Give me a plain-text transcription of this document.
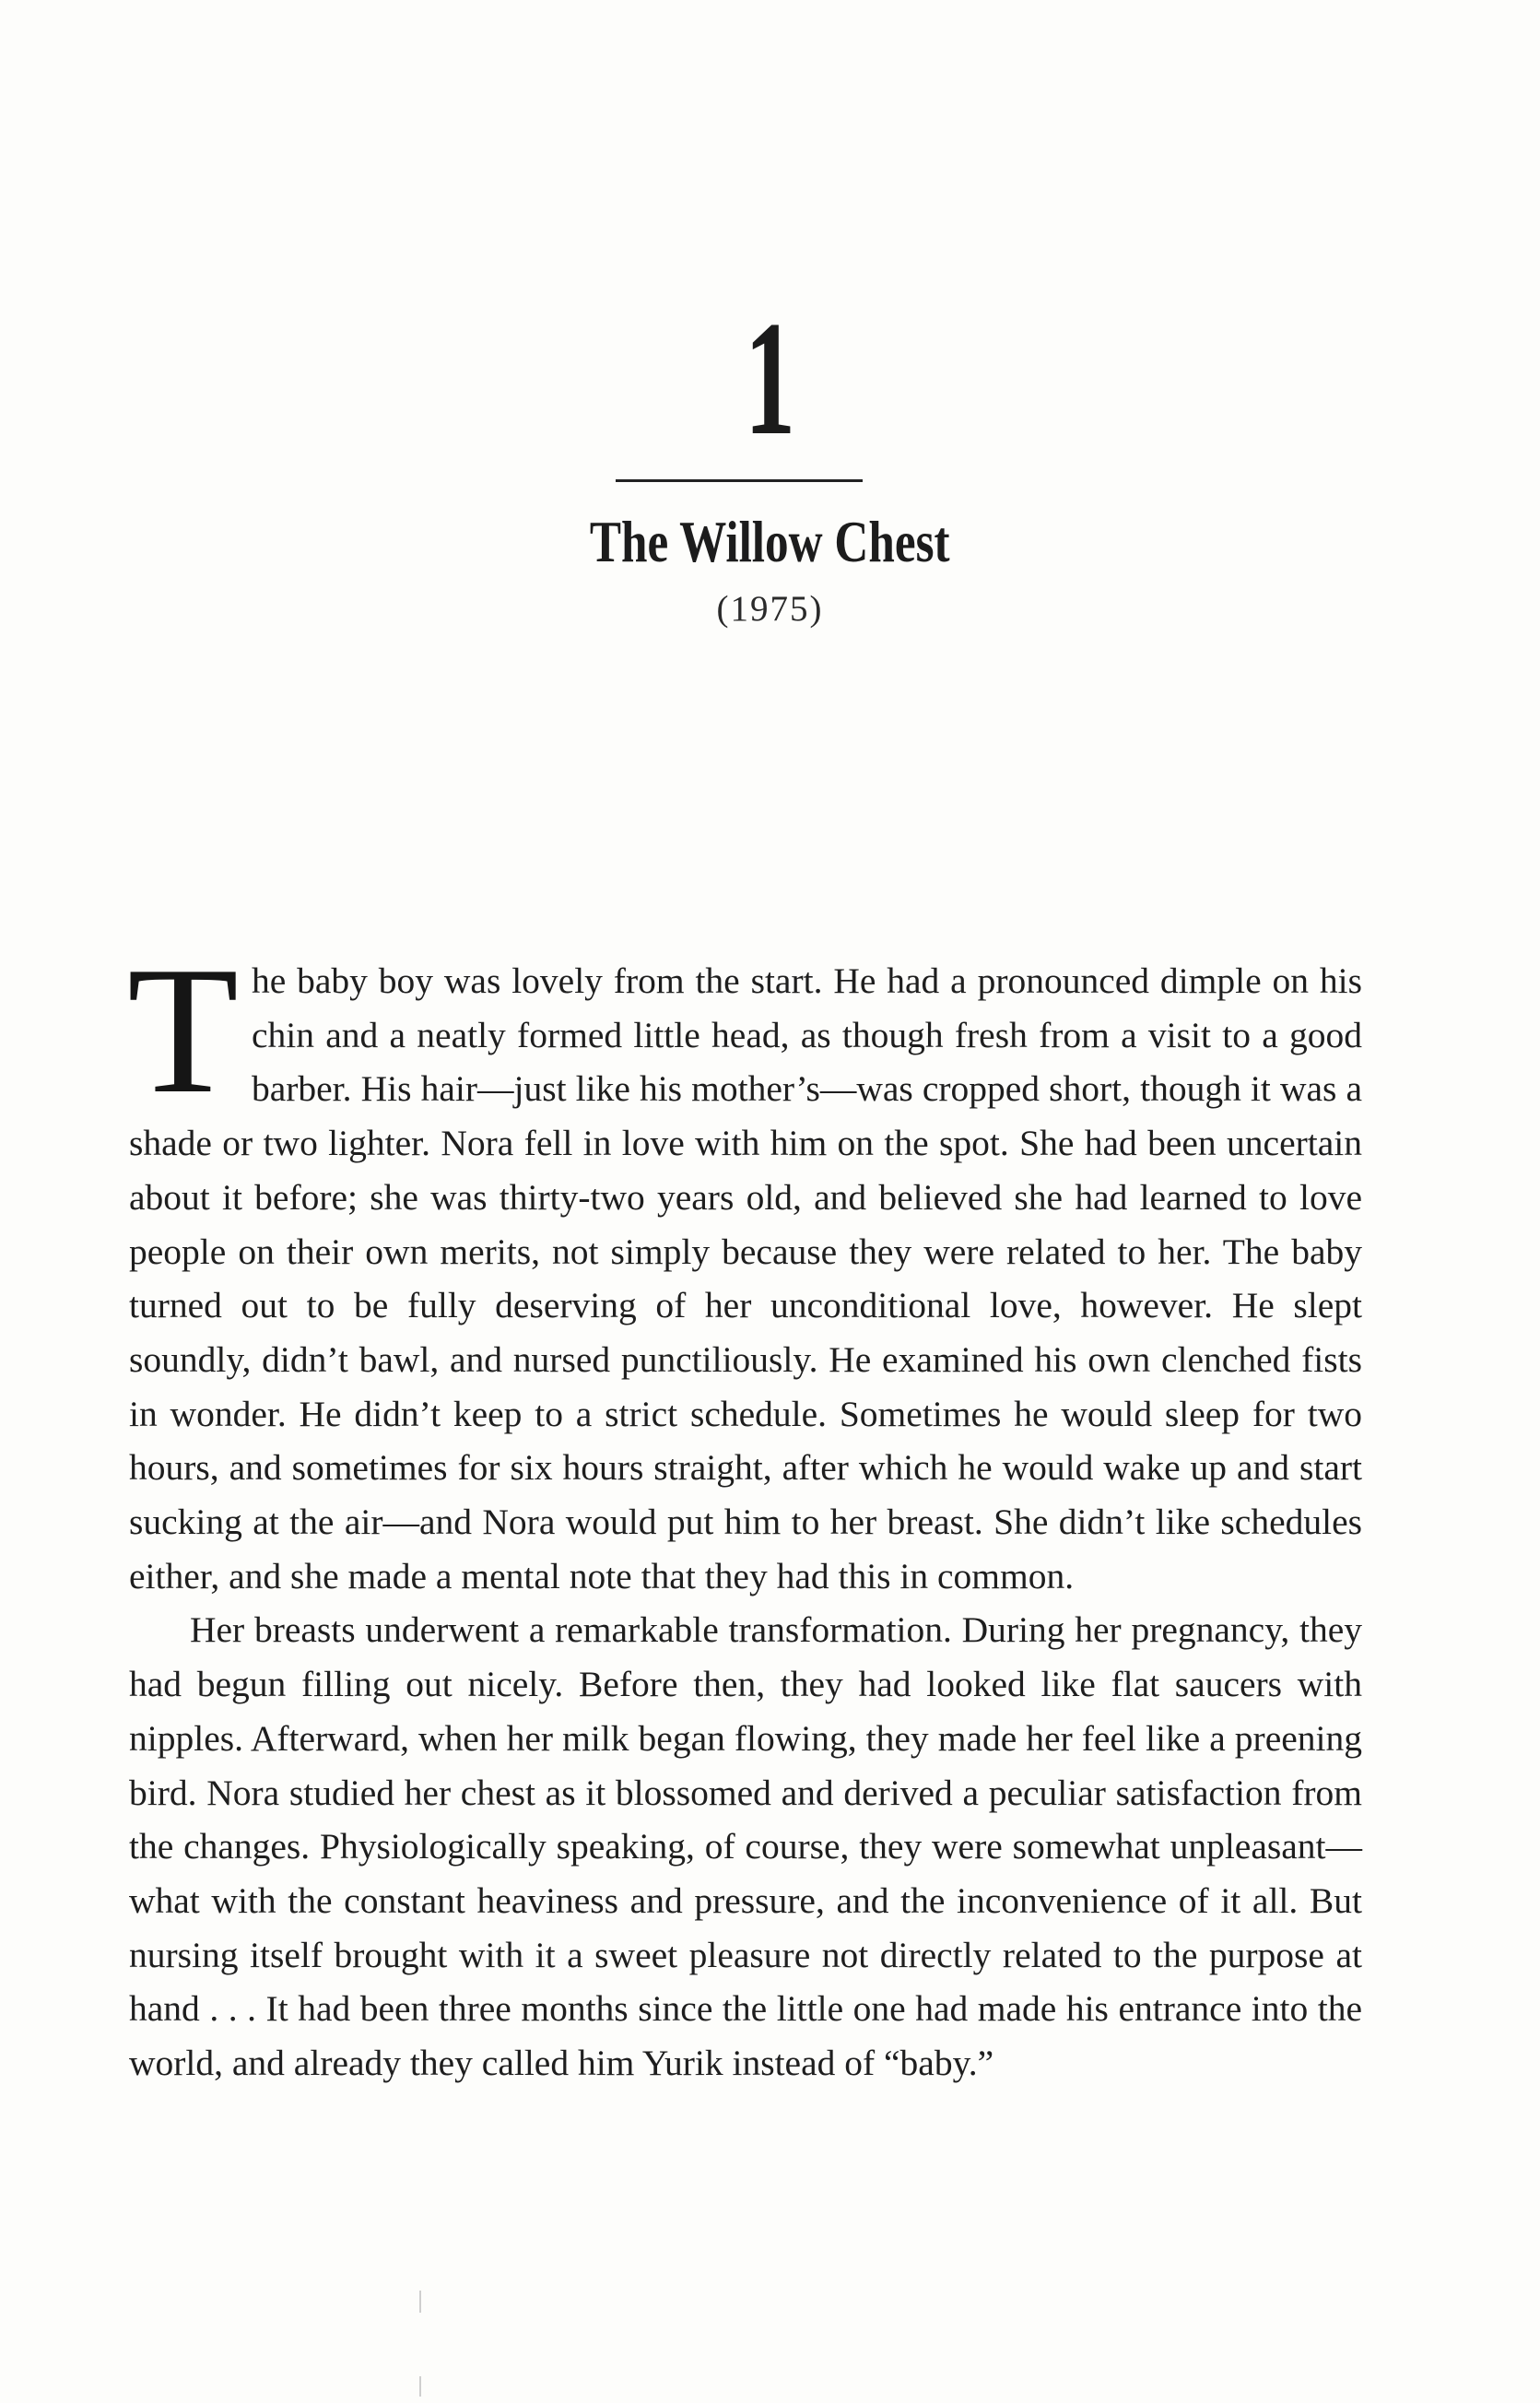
1
The Willow Chest
(1975)

The baby boy was lovely from the start. He had a pronounced dimple on his chin and a neatly formed little head, as though fresh from a visit to a good barber. His hair—just like his mother’s—was cropped short, though it was a shade or two lighter. Nora fell in love with him on the spot. She had been uncertain about it before; she was thirty-two years old, and believed she had learned to love people on their own merits, not simply because they were related to her. The baby turned out to be fully deserving of her unconditional love, however. He slept soundly, didn’t bawl, and nursed punctiliously. He examined his own clenched fists in wonder. He didn’t keep to a strict schedule. Sometimes he would sleep for two hours, and sometimes for six hours straight, after which he would wake up and start sucking at the air—and Nora would put him to her breast. She didn’t like schedules either, and she made a mental note that they had this in common.

Her breasts underwent a remarkable transformation. During her pregnancy, they had begun filling out nicely. Before then, they had looked like flat saucers with nipples. Afterward, when her milk began flowing, they made her feel like a preening bird. Nora studied her chest as it blossomed and derived a peculiar satisfaction from the changes. Physiologically speaking, of course, they were somewhat unpleasant—what with the constant heaviness and pressure, and the inconvenience of it all. But nursing itself brought with it a sweet pleasure not directly related to the purpose at hand . . . It had been three months since the little one had made his entrance into the world, and already they called him Yurik instead of “baby.”
